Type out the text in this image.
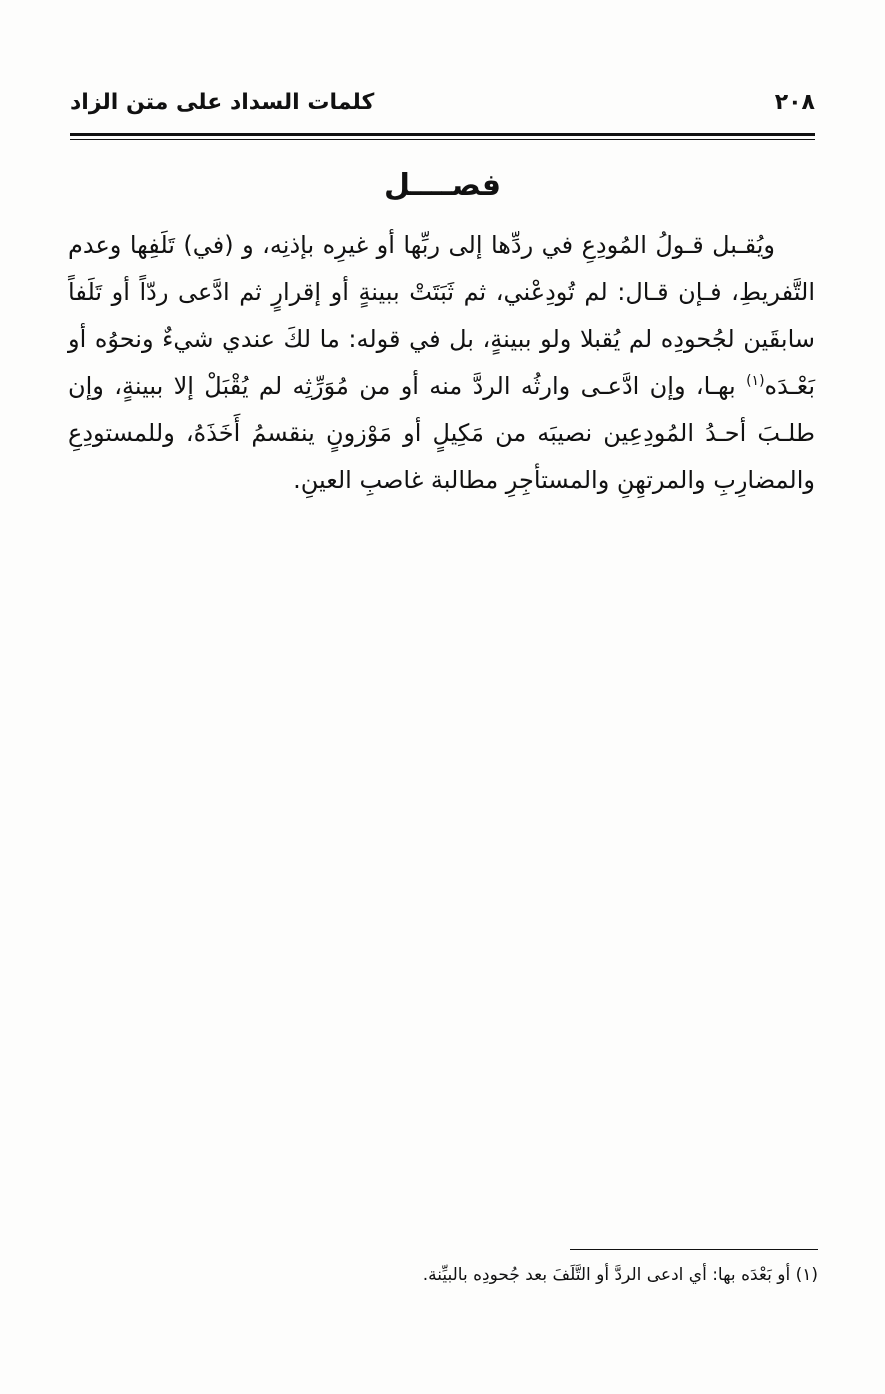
٢٠٨
كلمات السداد على متن الزاد
فصــــل

ويُقـبل قـولُ المُودِعِ في ردِّها إلى ربِّها أو غيرِه بإذنِه، و (في) تَلَفِها وعدم التَّفريطِ، فـإن قـال: لم تُودِعْني، ثم ثَبَتَتْ ببينةٍ أو إقرارٍ ثم ادَّعى ردّاً أو تَلَفاً سابقَين لجُحودِه لم يُقبلا ولو ببينةٍ، بل في قوله: ما لكَ عندي شيءٌ ونحوُه أو بَعْـدَه$^{(١)}$ بهـا، وإن ادَّعـى وارثُه الردَّ منه أو من مُوَرِّثِه لم يُقْبَلْ إلا ببينةٍ، وإن طلـبَ أحـدُ المُودِعِين نصيبَه من مَكِيلٍ أو مَوْزونٍ ينقسمُ أَخَذَهُ، وللمستودِعِ والمضارِبِ والمرتهِنِ والمستأجِرِ مطالبة غاصبِ العينِ.

(١) أو بَعْدَه بها: أي ادعى الردَّ أو التَّلَفَ بعد جُحودِه بالبيِّنة.
